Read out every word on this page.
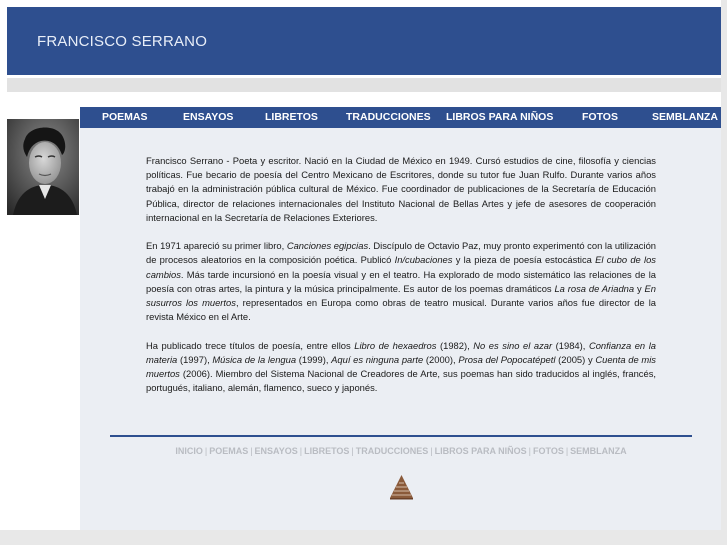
FRANCISCO SERRANO
POEMAS	ENSAYOS	LIBRETOS	TRADUCCIONES LIBROS PARA NIÑOS	FOTOS	SEMBLANZA

Francisco Serrano - Poeta y escritor. Nació en la Ciudad de México en 1949. Cursó estudios de cine, filosofía y ciencias políticas. Fue becario de poesía del Centro Mexicano de Escritores, donde su tutor fue Juan Rulfo. Durante varios años trabajó en la administración pública cultural de México. Fue coordinador de publicaciones de la Secretaría de Educación Pública, director de relaciones internacionales del Instituto Nacional de Bellas Artes y jefe de asesores de cooperación internacional en la Secretaría de Relaciones Exteriores.

En 1971 apareció su primer libro, Canciones egipcias. Discípulo de Octavio Paz, muy pronto experimentó con la utilización de procesos aleatorios en la composición poética. Publicó In/cubaciones y la pieza de poesía estocástica El cubo de los cambios. Más tarde incursionó en la poesía visual y en el teatro. Ha explorado de modo sistemático las relaciones de la poesía con otras artes, la pintura y la música principalmente. Es autor de los poemas dramáticos La rosa de Ariadna y En susurros los muertos, representados en Europa como obras de teatro musical. Durante varios años fue director de la revista México en el Arte.

Ha publicado trece títulos de poesía, entre ellos Libro de hexaedros (1982), No es sino el azar (1984), Confianza en la materia (1997), Música de la lengua (1999), Aquí es ninguna parte (2000), Prosa del Popocatépetl (2005) y Cuenta de mis muertos (2006). Miembro del Sistema Nacional de Creadores de Arte, sus poemas han sido traducidos al inglés, francés, portugués, italiano, alemán, flamenco, sueco y japonés.

INICIO | POEMAS | ENSAYOS | LIBRETOS | TRADUCCIONES | LIBROS PARA NIÑOS | FOTOS | SEMBLANZA
